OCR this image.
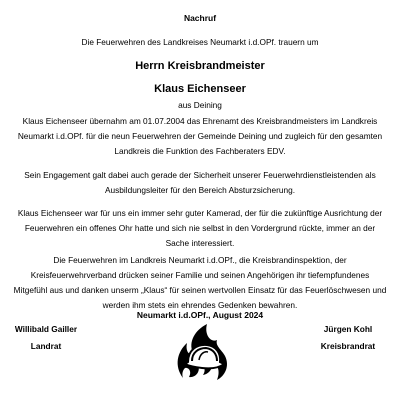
Nachruf

Die Feuerwehren des Landkreises Neumarkt i.d.OPf. trauern um

Herrn Kreisbrandmeister

Klaus Eichenseer

aus Deining

Klaus Eichenseer übernahm am 01.07.2004 das Ehrenamt des Kreisbrandmeisters im Landkreis
Neumarkt i.d.OPf. für die neun Feuerwehren der Gemeinde Deining und zugleich für den gesamten
Landkreis die Funktion des Fachberaters EDV.
Sein Engagement galt dabei auch gerade der Sicherheit unserer Feuerwehrdienstleistenden als
Ausbildungsleiter für den Bereich Absturzsicherung.
Klaus Eichenseer war für uns ein immer sehr guter Kamerad, der für die zukünftige Ausrichtung der
Feuerwehren ein offenes Ohr hatte und sich nie selbst in den Vordergrund rückte, immer an der
Sache interessiert.
Die Feuerwehren im Landkreis Neumarkt i.d.OPf., die Kreisbrandinspektion, der
Kreisfeuerwehrverband drücken seiner Familie und seinen Angehörigen ihr tiefempfundenes
Mitgefühl aus und danken unserm „Klaus“ für seinen wertvollen Einsatz für das Feuerlöschwesen und
werden ihm stets ein ehrendes Gedenken bewahren.

Neumarkt i.d.OPf., August 2024

Willibald Gailler
Landrat
Jürgen Kohl
Kreisbrandrat
